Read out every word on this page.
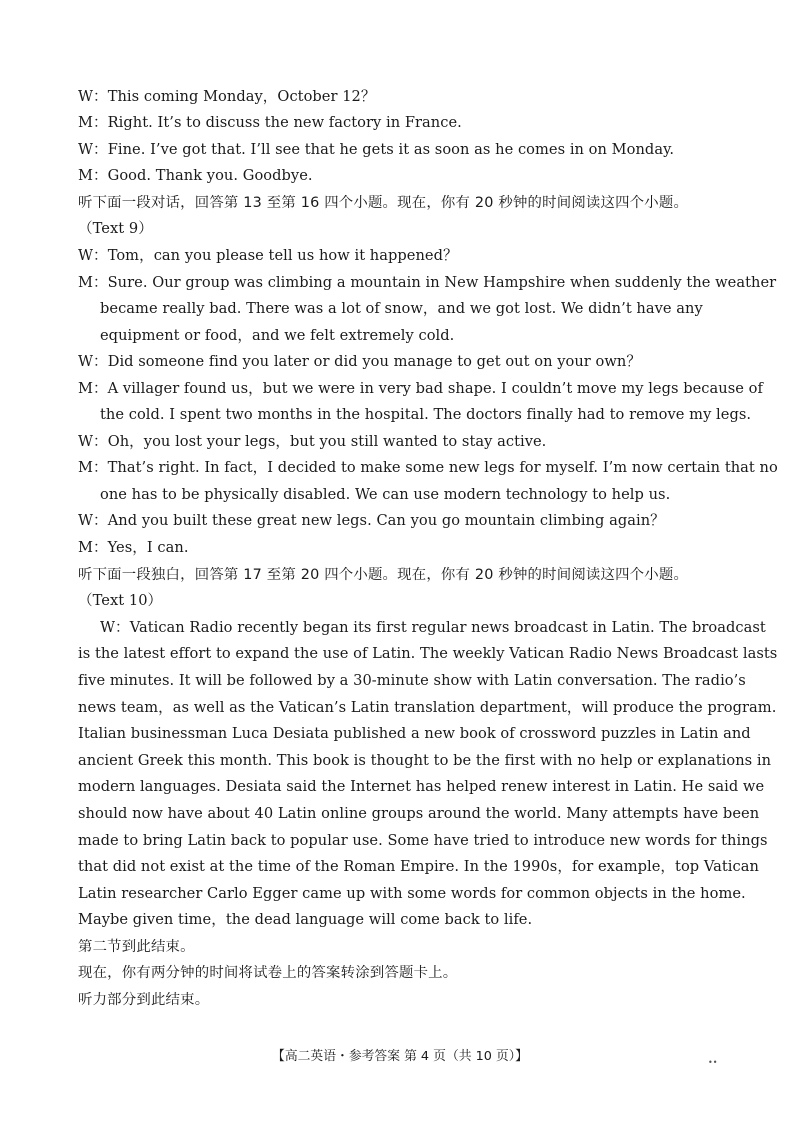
W：This coming Monday，October 12？
M：Right. It’s to discuss the new factory in France.
W：Fine. I’ve got that. I’ll see that he gets it as soon as he comes in on Monday.
M：Good. Thank you. Goodbye.
听下面一段对话，回答第 13 至第 16 四个小题。现在，你有 20 秒钟的时间阅读这四个小题。
（Text 9）
W：Tom，can you please tell us how it happened？
M：Sure. Our group was climbing a mountain in New Hampshire when suddenly the weather
became really bad. There was a lot of snow，and we got lost. We didn’t have any
equipment or food，and we felt extremely cold.
W：Did someone find you later or did you manage to get out on your own？
M：A villager found us，but we were in very bad shape. I couldn’t move my legs because of
the cold. I spent two months in the hospital. The doctors finally had to remove my legs.
W：Oh，you lost your legs，but you still wanted to stay active.
M：That’s right. In fact，I decided to make some new legs for myself. I’m now certain that no
one has to be physically disabled. We can use modern technology to help us.
W：And you built these great new legs. Can you go mountain climbing again？
M：Yes，I can.
听下面一段独白，回答第 17 至第 20 四个小题。现在，你有 20 秒钟的时间阅读这四个小题。
（Text 10）
W：Vatican Radio recently began its first regular news broadcast in Latin. The broadcast
is the latest effort to expand the use of Latin. The weekly Vatican Radio News Broadcast lasts
five minutes. It will be followed by a 30-minute show with Latin conversation. The radio’s
news team，as well as the Vatican’s Latin translation department，will produce the program.
Italian businessman Luca Desiata published a new book of crossword puzzles in Latin and
ancient Greek this month. This book is thought to be the first with no help or explanations in
modern languages. Desiata said the Internet has helped renew interest in Latin. He said we
should now have about 40 Latin online groups around the world. Many attempts have been
made to bring Latin back to popular use. Some have tried to introduce new words for things
that did not exist at the time of the Roman Empire. In the 1990s，for example，top Vatican
Latin researcher Carlo Egger came up with some words for common objects in the home.
Maybe given time，the dead language will come back to life.
第二节到此结束。
现在，你有两分钟的时间将试卷上的答案转涂到答题卡上。
听力部分到此结束。
【高二英语・参考答案 第 4 页（共 10 页）】	••
